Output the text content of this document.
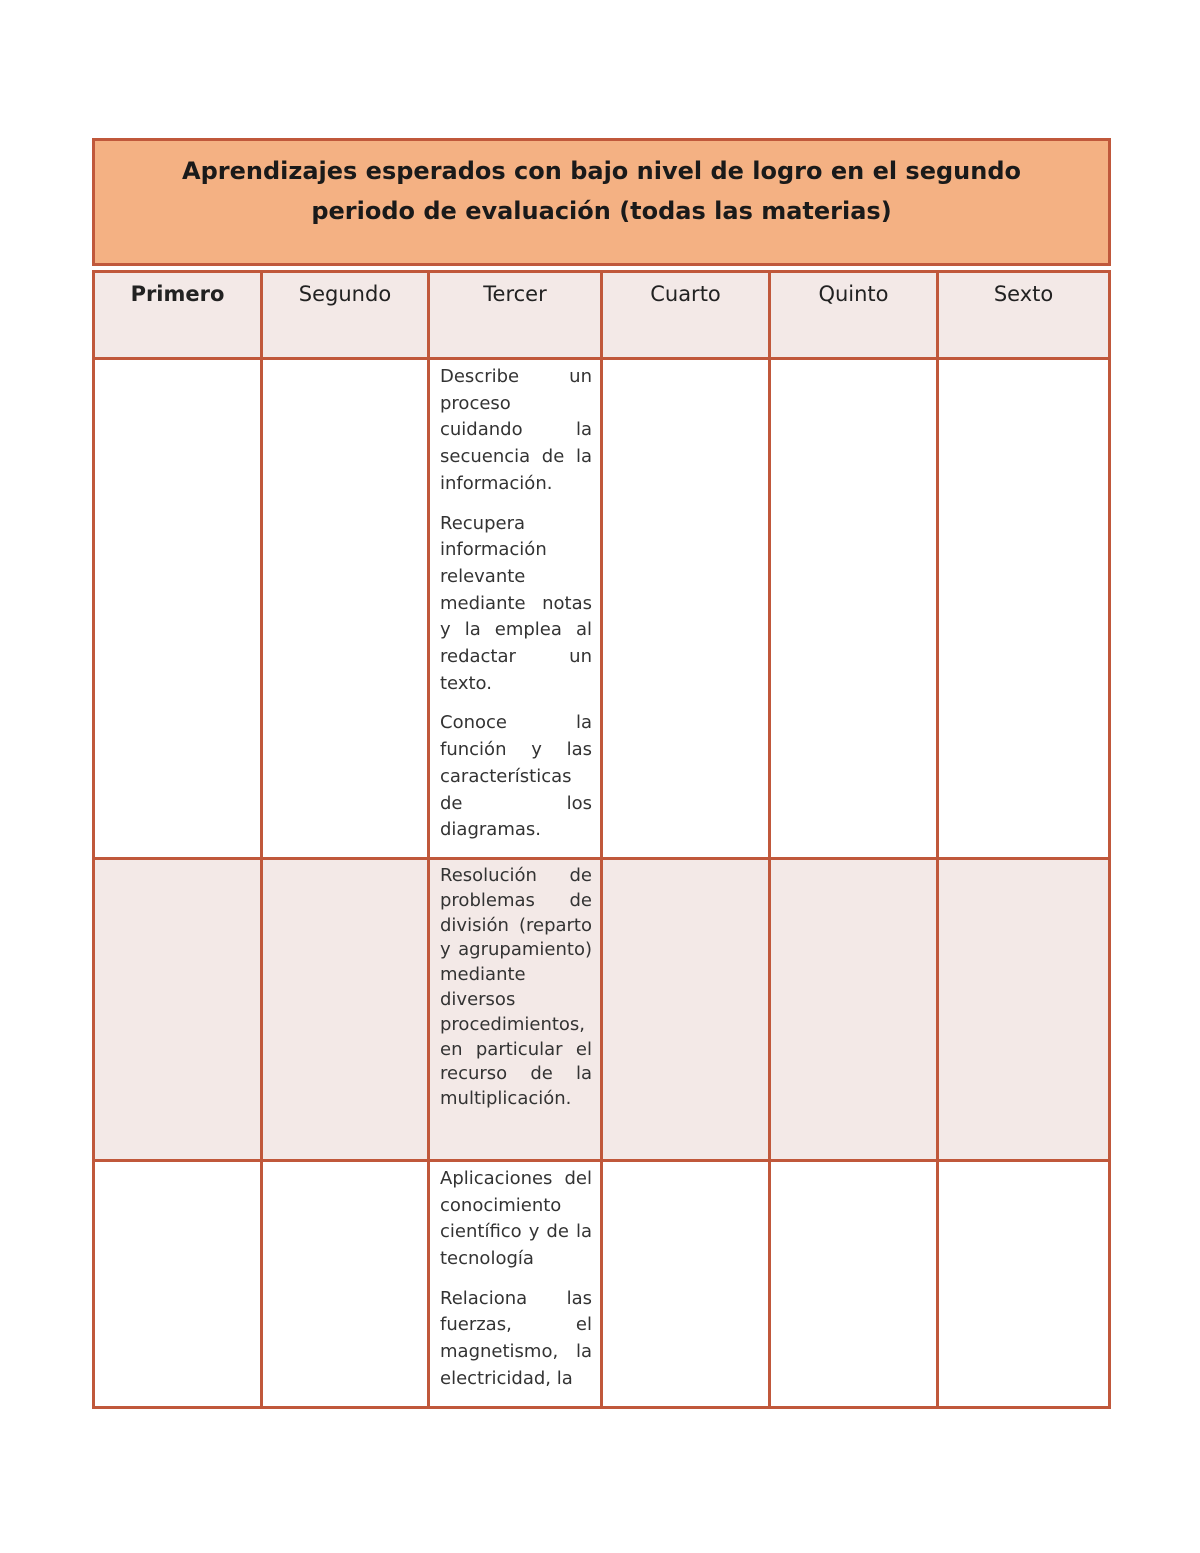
Aprendizajes esperados con bajo nivel de logro en el segundo
periodo de evaluación (todas las materias)					

Primero	Segundo	Tercer	Cuarto	Quinto	Sexto

		Describe un proceso cuidando la secuencia de la información.

Recupera información relevante mediante notas y la emplea al redactar un texto.

Conoce la función y las características de los diagramas.			

		Resolución de problemas de división (reparto y agrupamiento) mediante diversos procedimientos, en particular el recurso de la multiplicación.			

		Aplicaciones del conocimiento científico y de la tecnología

Relaciona las fuerzas, el magnetismo, la electricidad, la			
